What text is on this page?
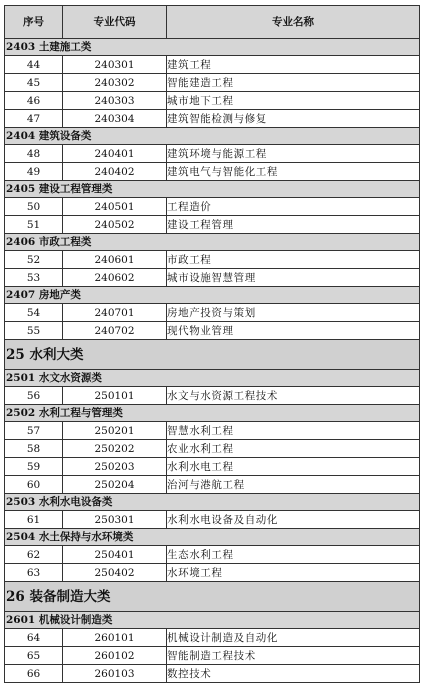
序号	专业代码	专业名称
2403 土建施工类		
44	240301	建筑工程
45	240302	智能建造工程
46	240303	城市地下工程
47	240304	建筑智能检测与修复
2404 建筑设备类		
48	240401	建筑环境与能源工程
49	240402	建筑电气与智能化工程
2405 建设工程管理类		
50	240501	工程造价
51	240502	建设工程管理
2406 市政工程类		
52	240601	市政工程
53	240602	城市设施智慧管理
2407 房地产类		
54	240701	房地产投资与策划
55	240702	现代物业管理
25 水利大类		
2501 水文水资源类		
56	250101	水文与水资源工程技术
2502 水利工程与管理类		
57	250201	智慧水利工程
58	250202	农业水利工程
59	250203	水利水电工程
60	250204	治河与港航工程
2503 水利水电设备类		
61	250301	水利水电设备及自动化
2504 水土保持与水环境类		
62	250401	生态水利工程
63	250402	水环境工程
26 装备制造大类		
2601 机械设计制造类		
64	260101	机械设计制造及自动化
65	260102	智能制造工程技术
66	260103	数控技术
